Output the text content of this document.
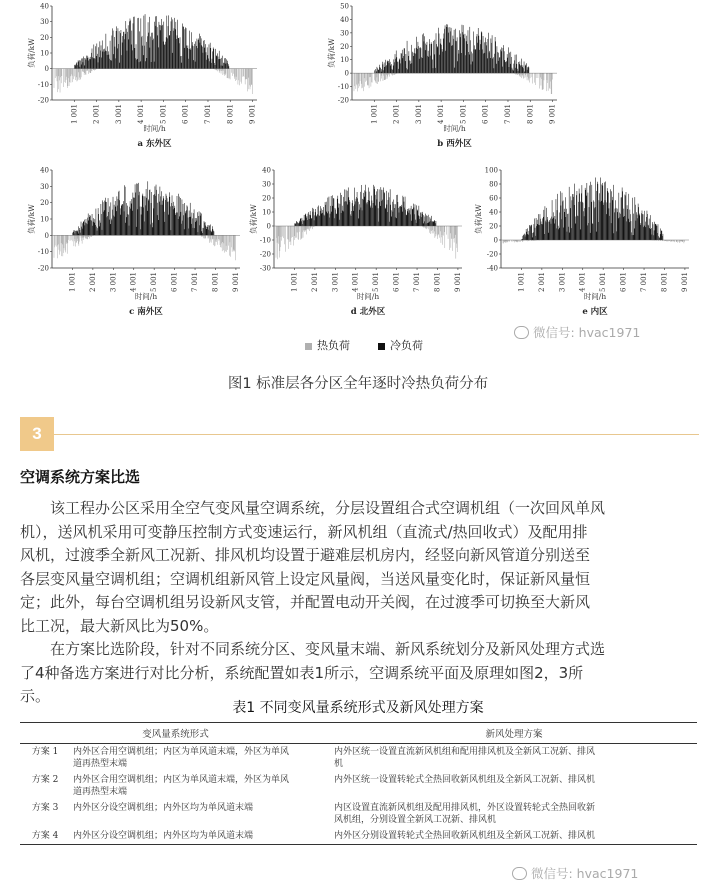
40
30
20
10
0
-10
-20
1 001 2 001 3 001 4 001 5 001 6 001 7 001 8 001 9 001
负荷/kW
时间/h
a 东外区
50
40
30
20
10
0
-10
-20
1 001 2 001 3 001 4 001 5 001 6 001 7 001 8 001 9 001
负荷/kW
时间/h
b 西外区
40
30
20
10
0
-10
-20
1 001 2 001 3 001 4 001 5 001 6 001 7 001 8 001 9 001
负荷/kW
时间/h
c 南外区
40
30
20
10
0
-10
-20
-30
1 001 2 001 3 001 4 001 5 001 6 001 7 001 8 001 9 001
负荷/kW
时间/h
d 北外区
100
80
60
40
20
0
-20
-40
1 001 2 001 3 001 4 001 5 001 6 001 7 001 8 001 9 001
负荷/kW
时间/h
e 内区
热负荷	冷负荷
微信号: hvac1971
图1 标准层各分区全年逐时冷热负荷分布
3
空调系统方案比选
该工程办公区采用全空气变风量空调系统，分层设置组合式空调机组（一次回风单风
机），送风机采用可变静压控制方式变速运行，新风机组（直流式/热回收式）及配用排
风机，过渡季全新风工况新、排风机均设置于避难层机房内，经竖向新风管道分别送至
各层变风量空调机组；空调机组新风管上设定风量阀，当送风量变化时，保证新风量恒
定；此外，每台空调机组另设新风支管，并配置电动开关阀，在过渡季可切换至大新风
比工况，最大新风比为50%。
在方案比选阶段，针对不同系统分区、变风量末端、新风系统划分及新风处理方式选
了4种备选方案进行对比分析，系统配置如表1所示，空调系统平面及原理如图2，3所
示。
表1 不同变风量系统形式及新风处理方案
变风量系统形式		新风处理方案
方案 1	内外区合用空调机组；内区为单风道末端，外区为单风
道再热型末端	内外区统一设置直流新风机组和配用排风机及全新风工况新、排风
机
方案 2	内外区合用空调机组；内区为单风道末端，外区为单风
道再热型末端	内外区统一设置转轮式全热回收新风机组及全新风工况新、排风机
方案 3	内外区分设空调机组；内外区均为单风道末端	内区设置直流新风机组及配用排风机，外区设置转轮式全热回收新
风机组，分别设置全新风工况新、排风机
方案 4	内外区分设空调机组；内外区均为单风道末端	内外区分别设置转轮式全热回收新风机组及全新风工况新、排风机
微信号: hvac1971
